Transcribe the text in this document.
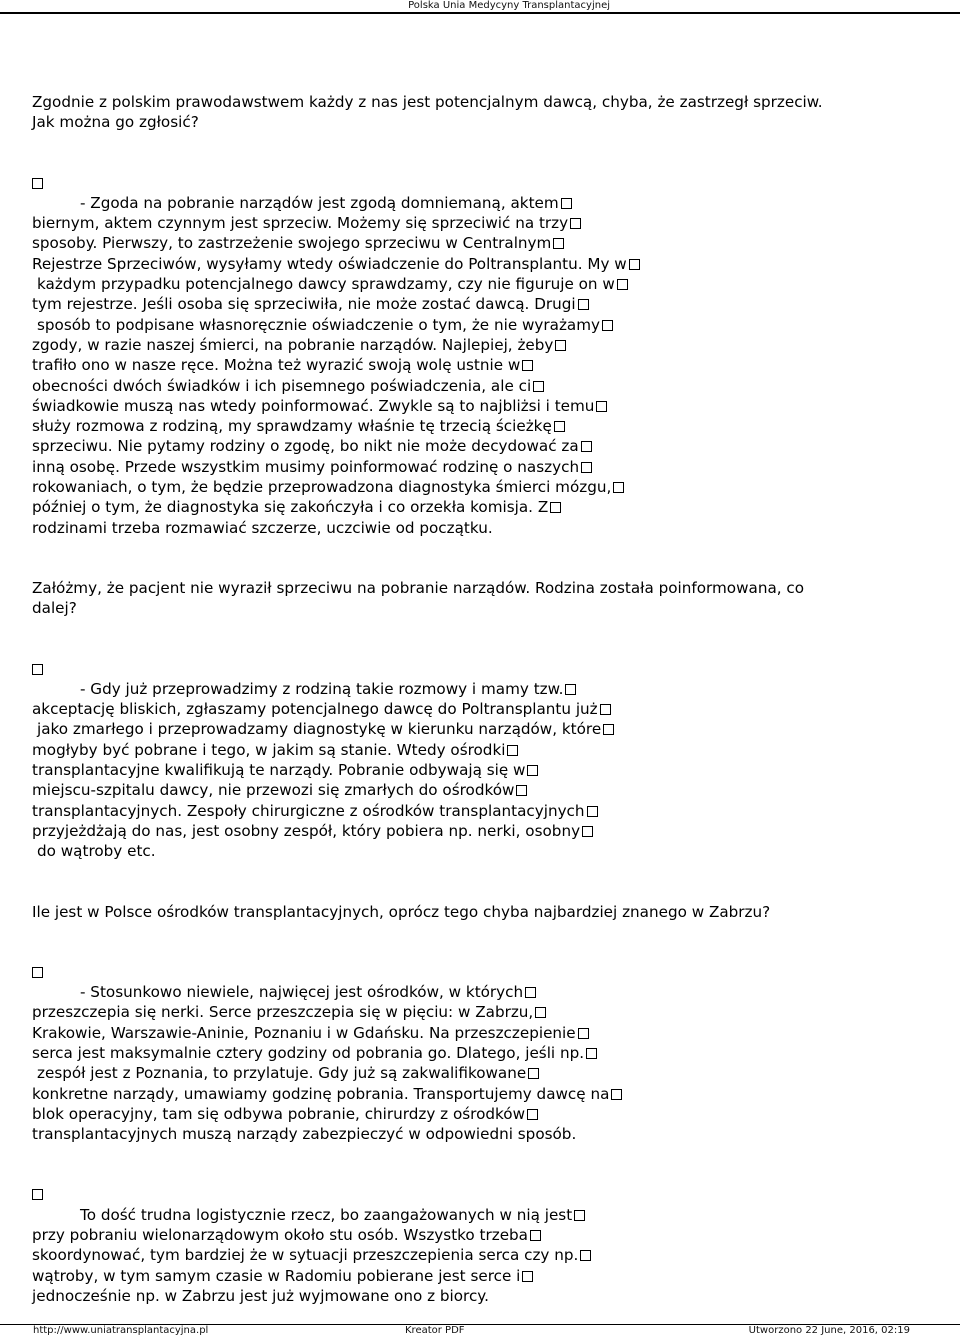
Polska Unia Medycyny Transplantacyjnej
Zgodnie z polskim prawodawstwem każdy z nas jest potencjalnym dawcą, chyba, że zastrzegł sprzeciw.
Jak można go zgłosić?
- Zgoda na pobranie narządów jest zgodą domniemaną, aktem
biernym, aktem czynnym jest sprzeciw. Możemy się sprzeciwić na trzy
sposoby. Pierwszy, to zastrzeżenie swojego sprzeciwu w Centralnym
Rejestrze Sprzeciwów, wysyłamy wtedy oświadczenie do Poltransplantu. My w
każdym przypadku potencjalnego dawcy sprawdzamy, czy nie figuruje on w
tym rejestrze. Jeśli osoba się sprzeciwiła, nie może zostać dawcą. Drugi
sposób to podpisane własnoręcznie oświadczenie o tym, że nie wyrażamy
zgody, w razie naszej śmierci, na pobranie narządów. Najlepiej, żeby
trafiło ono w nasze ręce. Można też wyrazić swoją wolę ustnie w
obecności dwóch świadków i ich pisemnego poświadczenia, ale ci
świadkowie muszą nas wtedy poinformować. Zwykle są to najbliżsi i temu
służy rozmowa z rodziną, my sprawdzamy właśnie tę trzecią ścieżkę
sprzeciwu. Nie pytamy rodziny o zgodę, bo nikt nie może decydować za
inną osobę. Przede wszystkim musimy poinformować rodzinę o naszych
rokowaniach, o tym, że będzie przeprowadzona diagnostyka śmierci mózgu,
później o tym, że diagnostyka się zakończyła i co orzekła komisja. Z
rodzinami trzeba rozmawiać szczerze, uczciwie od początku.
Załóżmy, że pacjent nie wyraził sprzeciwu na pobranie narządów. Rodzina została poinformowana, co
dalej?
- Gdy już przeprowadzimy z rodziną takie rozmowy i mamy tzw.
akceptację bliskich, zgłaszamy potencjalnego dawcę do Poltransplantu już
jako zmarłego i przeprowadzamy diagnostykę w kierunku narządów, które
mogłyby być pobrane i tego, w jakim są stanie. Wtedy ośrodki
transplantacyjne kwalifikują te narządy. Pobranie odbywają się w
miejscu-szpitalu dawcy, nie przewozi się zmarłych do ośrodków
transplantacyjnych. Zespoły chirurgiczne z ośrodków transplantacyjnych
przyjeżdżają do nas, jest osobny zespół, który pobiera np. nerki, osobny
do wątroby etc.
Ile jest w Polsce ośrodków transplantacyjnych, oprócz tego chyba najbardziej znanego w Zabrzu?
- Stosunkowo niewiele, najwięcej jest ośrodków, w których
przeszczepia się nerki. Serce przeszczepia się w pięciu: w Zabrzu,
Krakowie, Warszawie-Aninie, Poznaniu i w Gdańsku. Na przeszczepienie
serca jest maksymalnie cztery godziny od pobrania go. Dlatego, jeśli np.
zespół jest z Poznania, to przylatuje. Gdy już są zakwalifikowane
konkretne narządy, umawiamy godzinę pobrania. Transportujemy dawcę na
blok operacyjny, tam się odbywa pobranie, chirurdzy z ośrodków
transplantacyjnych muszą narządy zabezpieczyć w odpowiedni sposób.
To dość trudna logistycznie rzecz, bo zaangażowanych w nią jest
przy pobraniu wielonarządowym około stu osób. Wszystko trzeba
skoordynować, tym bardziej że w sytuacji przeszczepienia serca czy np.
wątroby, w tym samym czasie w Radomiu pobierane jest serce i
jednocześnie np. w Zabrzu jest już wyjmowane ono z biorcy.
http://www.uniatransplantacyjna.pl	Kreator PDF	Utworzono 22 June, 2016, 02:19
